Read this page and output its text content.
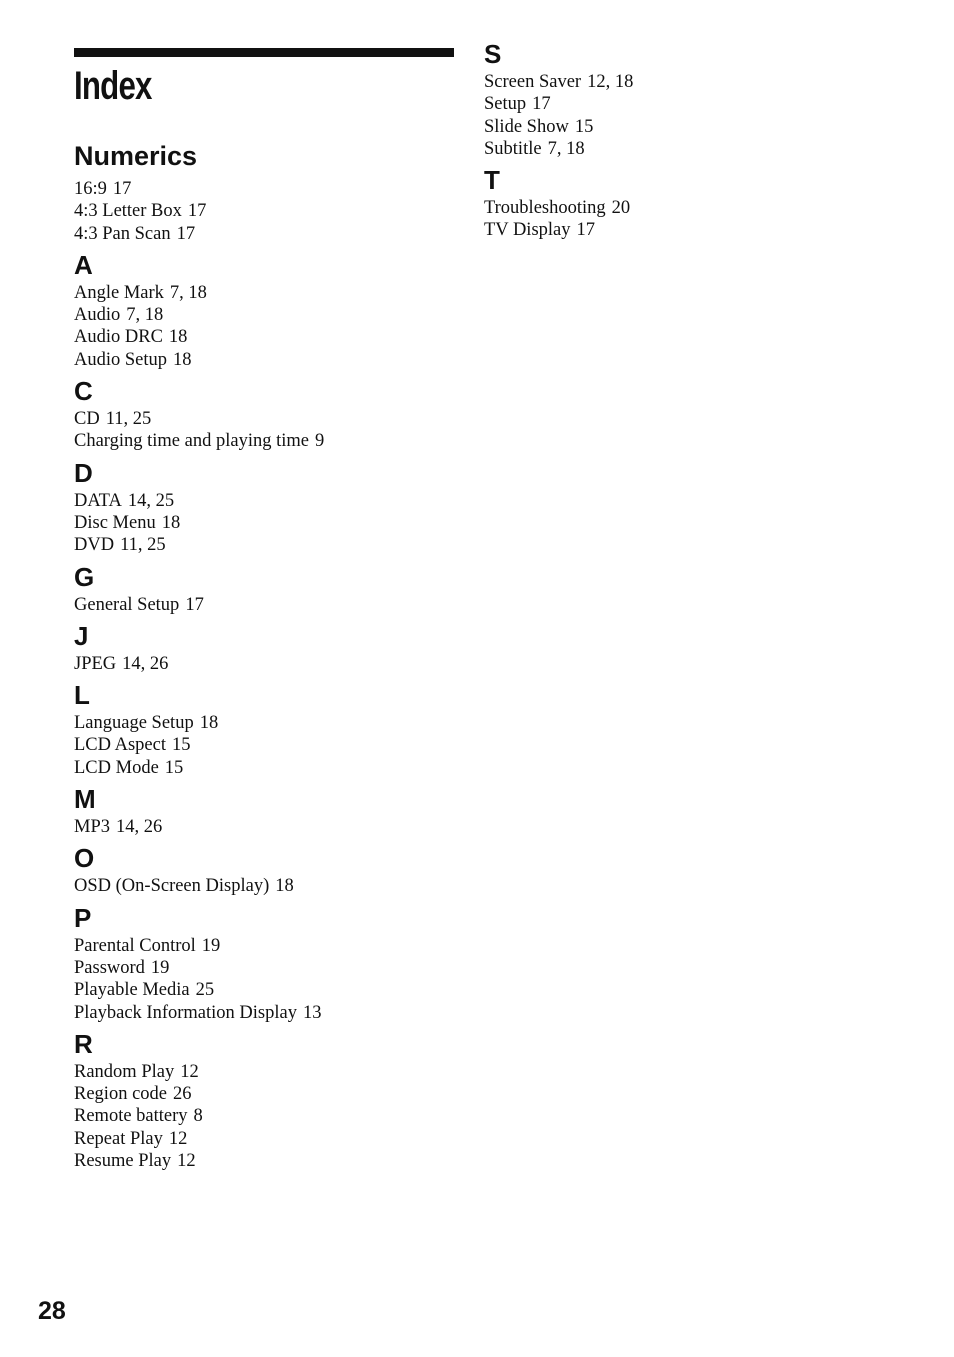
Index
Numerics
16:9 17
4:3 Letter Box 17
4:3 Pan Scan 17
A
Angle Mark 7, 18
Audio 7, 18
Audio DRC 18
Audio Setup 18
C
CD 11, 25
Charging time and playing time 9
D
DATA 14, 25
Disc Menu 18
DVD 11, 25
G
General Setup 17
J
JPEG 14, 26
L
Language Setup 18
LCD Aspect 15
LCD Mode 15
M
MP3 14, 26
O
OSD (On-Screen Display) 18
P
Parental Control 19
Password 19
Playable Media 25
Playback Information Display 13
R
Random Play 12
Region code 26
Remote battery 8
Repeat Play 12
Resume Play 12
S
Screen Saver 12, 18
Setup 17
Slide Show 15
Subtitle 7, 18
T
Troubleshooting 20
TV Display 17
28
